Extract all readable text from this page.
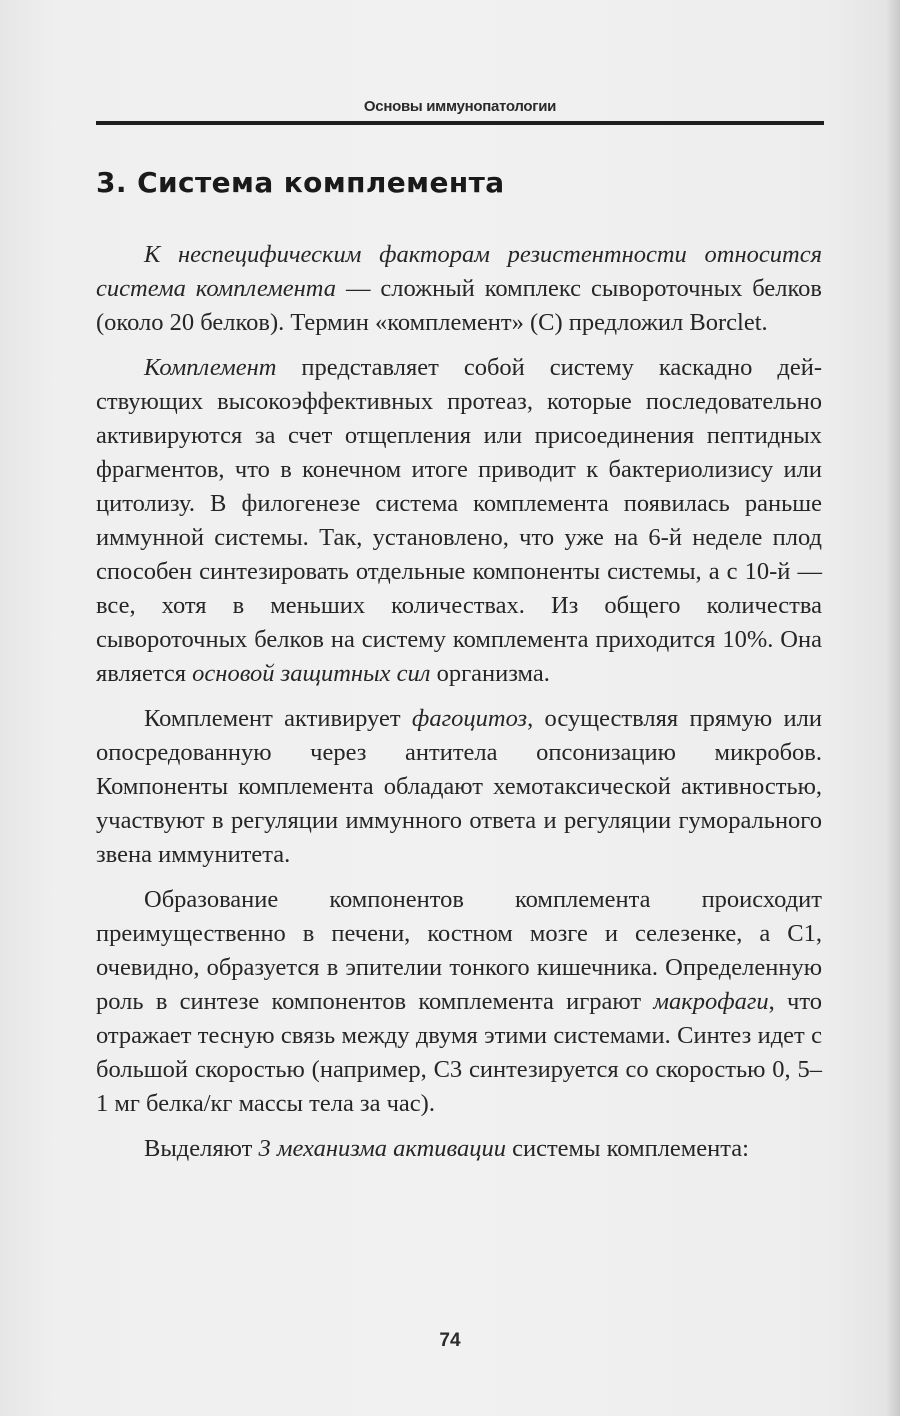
Основы иммунопатологии
3. Система комплемента

К неспецифическим факторам резистентности относится система комплемента — сложный комплекс сывороточных белков (около 20 белков). Термин «комплемент» (С) предложил Borclet.

Комплемент представляет собой систему каскадно действующих высокоэффективных протеаз, которые последовательно активируются за счет отщепления или присоединения пептидных фрагментов, что в конечном итоге приводит к бактериолизису или цитолизу. В филогенезе система комплемента появилась раньше иммунной системы. Так, установлено, что уже на 6-й неделе плод способен синтезировать отдельные компоненты системы, а с 10-й — все, хотя в меньших количествах. Из общего количества сывороточных белков на систему комплемента приходится 10%. Она является основой защитных сил организма.

Комплемент активирует фагоцитоз, осуществляя прямую или опосредованную через антитела опсонизацию микробов. Компоненты комплемента обладают хемотаксической активностью, участвуют в регуляции иммунного ответа и регуляции гуморального звена иммунитета.

Образование компонентов комплемента происходит преимущественно в печени, костном мозге и селезенке, а С1, очевидно, образуется в эпителии тонкого кишечника. Определенную роль в синтезе компонентов комплемента играют макрофаги, что отражает тесную связь между двумя этими системами. Синтез идет с большой скоростью (например, С3 синтезируется со скоростью 0, 5–1 мг белка/кг массы тела за час).

Выделяют 3 механизма активации системы комплемента:

74
